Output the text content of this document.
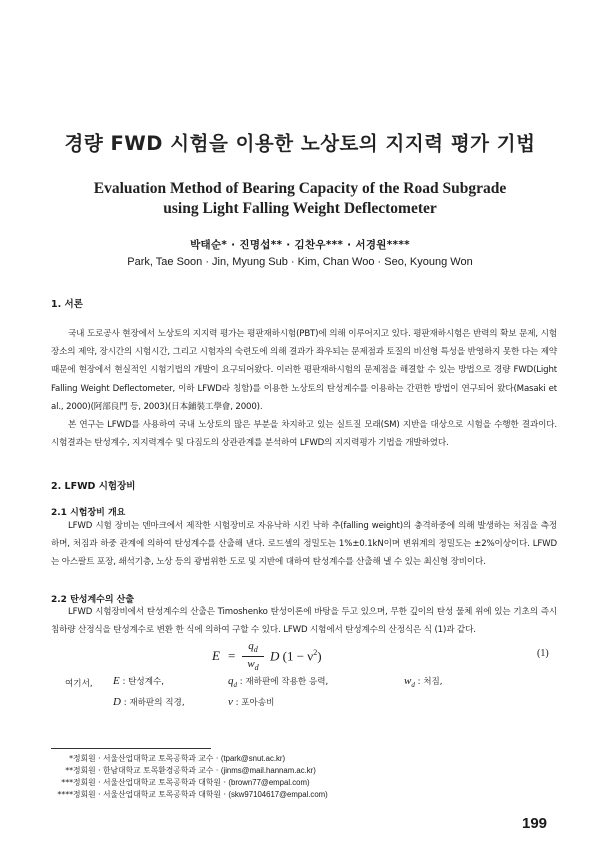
경량 FWD 시험을 이용한 노상토의 지지력 평가 기법
Evaluation Method of Bearing Capacity of the Road Subgrade
using Light Falling Weight Deflectometer
박태순* · 진명섭** · 김찬우*** · 서경원****
Park, Tae Soon · Jin, Myung Sub · Kim, Chan Woo · Seo, Kyoung Won
1. 서론
국내 도로공사 현장에서 노상토의 지지력 평가는 평판재하시험(PBT)에 의해 이루어지고 있다. 평판재하시험은 반력의 확보 문제, 시험장소의 제약, 장시간의 시험시간, 그리고 시험자의 숙련도에 의해 결과가 좌우되는 문제점과 토질의 비선형 특성을 반영하지 못한 다는 제약 때문에 현장에서 현실적인 시험기법의 개발이 요구되어왔다. 이러한 평판재하시험의 문제점을 해결할 수 있는 방법으로 경량 FWD(Light Falling Weight Deflectometer, 이하 LFWD라 칭함)를 이용한 노상토의 탄성계수를 이용하는 간편한 방법이 연구되어 왔다(Masaki et al., 2000)(阿部良門 등, 2003)(日本鋪裝工學會, 2000).
본 연구는 LFWD를 사용하여 국내 노상토의 많은 부분을 차지하고 있는 실트질 모래(SM) 지반을 대상으로 시험을 수행한 결과이다. 시험결과는 탄성계수, 지지력계수 및 다짐도의 상관관계를 분석하여 LFWD의 지지력평가 기법을 개발하였다.
2. LFWD 시험장비
2.1 시험장비 개요
LFWD 시험 장비는 덴마크에서 제작한 시험장비로 자유낙하 시킨 낙하 추(falling weight)의 충격하중에 의해 발생하는 처짐을 측정하며, 처짐과 하중 관계에 의하여 탄성계수를 산출해 낸다. 로드셀의 정밀도는 1%±0.1kN이며 변위계의 정밀도는 ±2%이상이다. LFWD는 아스팔트 포장, 쇄석기층, 노상 등의 광범위한 도로 및 지반에 대하여 탄성계수를 산출해 낼 수 있는 최신형 장비이다.
2.2 탄성계수의 산출
LFWD 시험장비에서 탄성계수의 산출은 Timoshenko 탄성이론에 바탕을 두고 있으며, 무한 깊이의 탄성 물체 위에 있는 기초의 즉시 침하량 산정식을 탄성계수로 변환 한 식에 의하여 구할 수 있다. LFWD 시험에서 탄성계수의 산정식은 식 (1)과 같다.
$E = \frac{q_d}{w_d}$ D $(1 - \nu^2)$	(1)
여기서, E : 탄성계수,	$q_d$ : 재하판에 작용한 응력,	$w_d$ : 처짐,
D : 재하판의 직경,	ν : 포아송비
*정회원 · 서울산업대학교 토목공학과 교수 · (tpark@snut.ac.kr)
**정회원 · 한남대학교 토목환경공학과 교수 · (jinms@mail.hannam.ac.kr)
***정회원 · 서울산업대학교 토목공학과 대학원 · (brown77@empal.com)
****정회원 · 서울산업대학교 토목공학과 대학원 · (skw97104617@empal.com)
199
